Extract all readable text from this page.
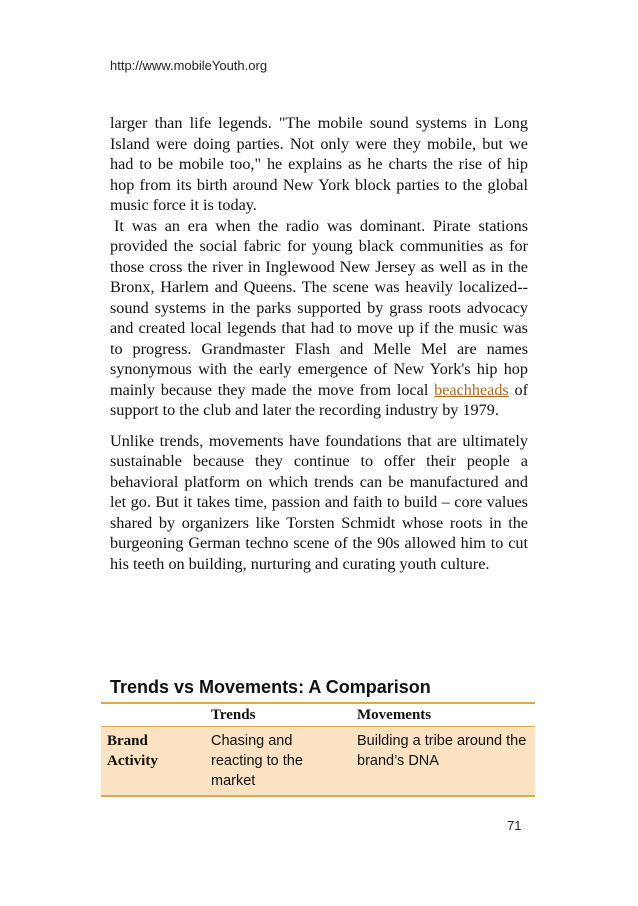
http://www.mobileYouth.org

larger than life legends. "The mobile sound systems in Long Island were doing parties. Not only were they mobile, but we had to be mobile too," he explains as he charts the rise of hip hop from its birth around New York block parties to the global music force it is today.

It was an era when the radio was dominant. Pirate stations provided the social fabric for young black communities as for those cross the river in Inglewood New Jersey as well as in the Bronx, Harlem and Queens. The scene was heavily localized--sound systems in the parks supported by grass roots advocacy and created local legends that had to move up if the music was to progress. Grandmaster Flash and Melle Mel are names synonymous with the early emergence of New York's hip hop mainly because they made the move from local beachheads of support to the club and later the recording industry by 1979.

Unlike trends, movements have foundations that are ultimately sustainable because they continue to offer their people a behavioral platform on which trends can be manufactured and let go. But it takes time, passion and faith to build – core values shared by organizers like Torsten Schmidt whose roots in the burgeoning German techno scene of the 90s allowed him to cut his teeth on building, nurturing and curating youth culture.

Trends vs Movements: A Comparison
	Trends	Movements
Brand Activity	Chasing and reacting to the market	Building a tribe around the brand’s DNA
71
